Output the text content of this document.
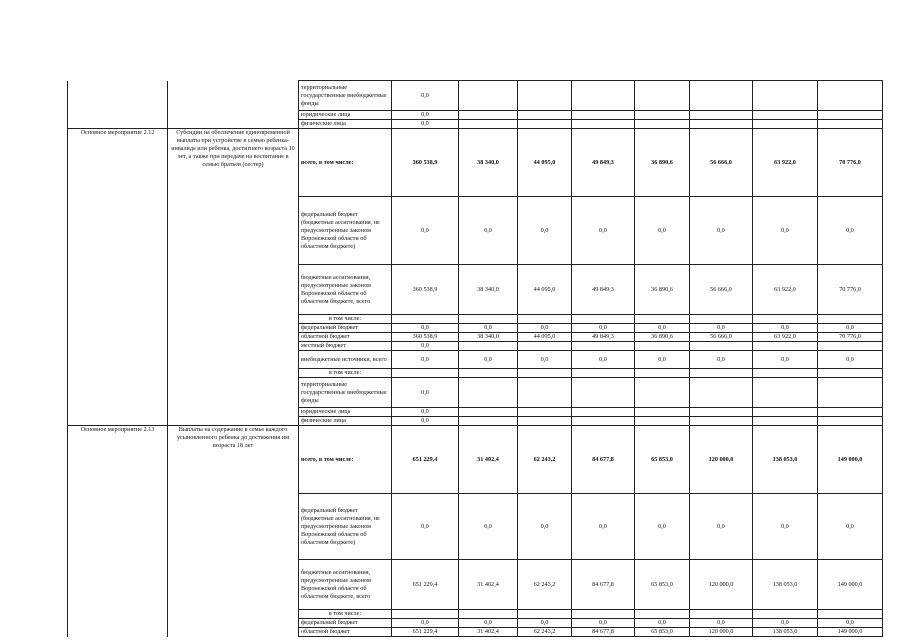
		территориальные государственные внебюджетные фонды	0,0							
		юридические лица	0,0							
		физические лица	0,0							
Основное мероприятие 2.12	Субсидии на обеспечение единовременной выплаты при устройстве в семью ребенка-инвалида или ребенка, достигшего возраста 10 лет, а также при передаче на воспитание в семью братьев (сестер)	всего, в том числе:	360 538,9	38 340,0	44 095,0	49 849,3	36 890,6	56 666,0	63 922,0	70 776,0
		федеральный бюджет (бюджетные ассигнования, не предусмотренные законом Воронежской области об областном бюджете)	0,0	0,0	0,0	0,0	0,0	0,0	0,0	0,0
		бюджетные ассигнования, предусмотренные законом Воронежской области об областном бюджете, всего	360 538,9	38 340,0	44 095,0	49 849,3	36 890,6	56 666,0	63 922,0	70 776,0
		в том числе:								
		федеральный бюджет	0,0	0,0	0,0	0,0	0,0	0,0	0,0	0,0
		областной бюджет	360 538,9	38 340,0	44 095,0	49 849,3	36 890,6	56 666,0	63 922,0	70 776,0
		местный бюджет	0,0							
		внебюджетные источники, всего	0,0	0,0	0,0	0,0	0,0	0,0	0,0	0,0
		в том числе:								
		территориальные государственные внебюджетные фонды	0,0							
		юридические лица	0,0							
		физические лица	0,0							
Основное мероприятие 2.13	Выплаты на содержание в семье каждого усыновленного ребенка до достижения им возраста 18 лет	всего, в том числе:	651 229,4	31 402,4	62 243,2	84 677,8	65 853,0	120 000,0	138 053,0	149 000,0
		федеральный бюджет (бюджетные ассигнования, не предусмотренные законом Воронежской области об областном бюджете)	0,0	0,0	0,0	0,0	0,0	0,0	0,0	0,0
		бюджетные ассигнования, предусмотренные законом Воронежской области об областном бюджете, всего	651 229,4	31 402,4	62 243,2	84 677,8	65 853,0	120 000,0	138 053,0	149 000,0
		в том числе:								
		федеральный бюджет	0,0	0,0	0,0	0,0	0,0	0,0	0,0	0,0
		областной бюджет	651 229,4	31 402,4	62 243,2	84 677,8	65 853,0	120 000,0	138 053,0	149 000,0
